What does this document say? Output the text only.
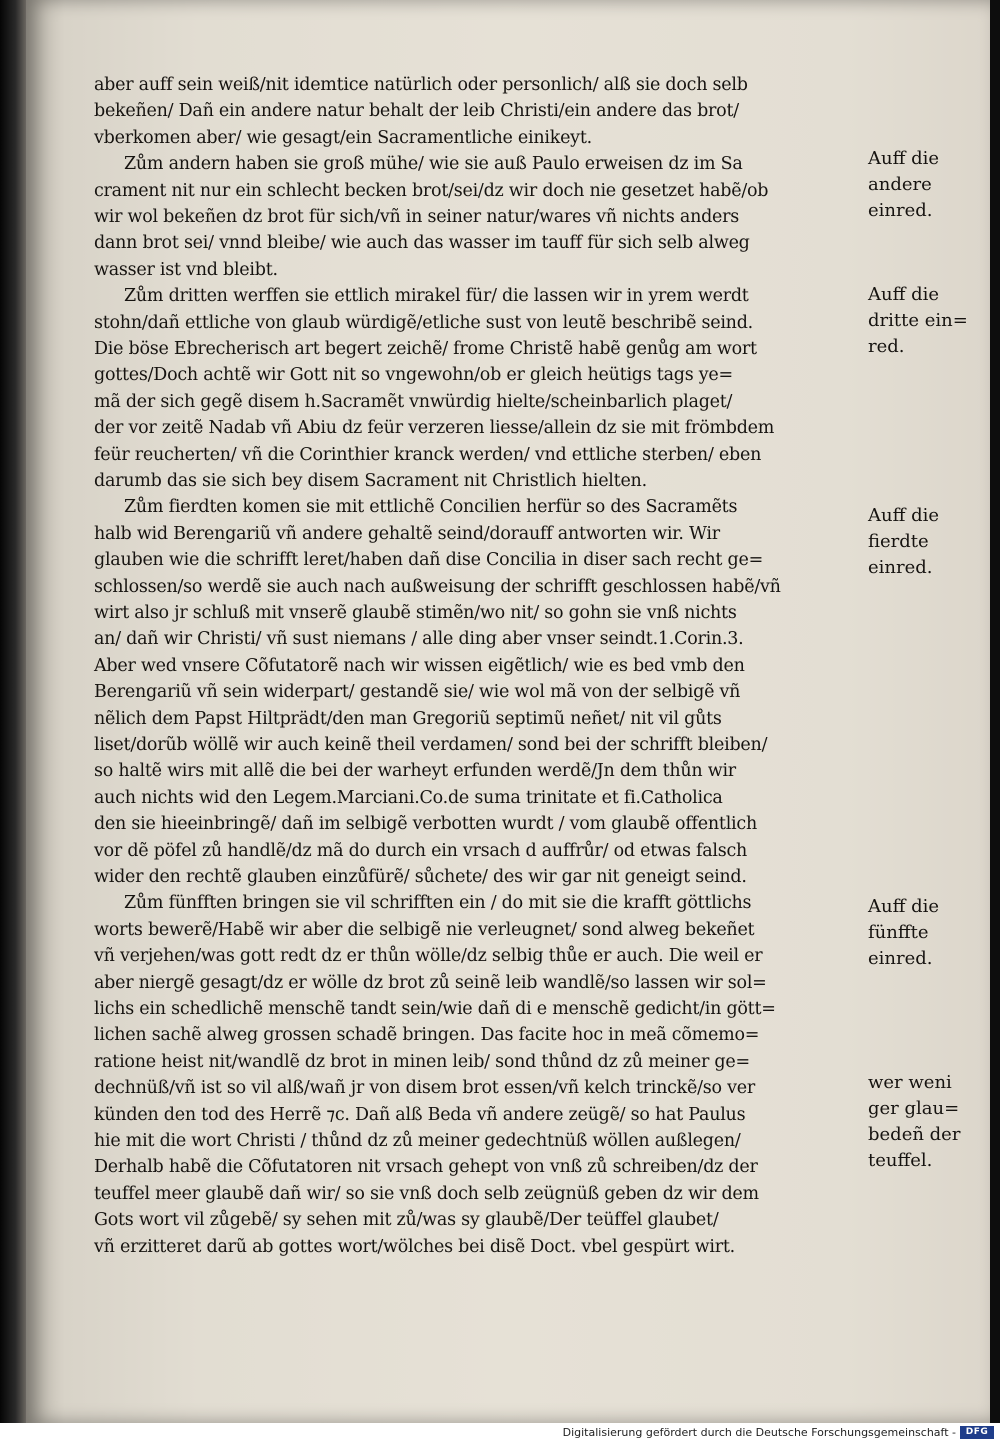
aber auff sein weiß/nit idemtice natürlich oder personlich/ alß sie doch selb
bekeñen/ Dañ ein andere natur behalt der leib Christi/ein andere das brot/
vberkomen aber/ wie gesagt/ein Sacramentliche einikeyt.
Zům andern haben sie groß mühe/ wie sie auß Paulo erweisen dz im Sa
crament nit nur ein schlecht becken brot/sei/dz wir doch nie gesetzet habẽ/ob
wir wol bekeñen dz brot für sich/vñ in seiner natur/wares vñ nichts anders
dann brot sei/ vnnd bleibe/ wie auch das wasser im tauff für sich selb alweg
wasser ist vnd bleibt.
Zům dritten werffen sie ettlich mirakel für/ die lassen wir in yrem werdt
stohn/dañ ettliche von glaub würdigẽ/etliche sust von leutẽ beschribẽ seind.
Die böse Ebrecherisch art begert zeichẽ/ frome Christẽ habẽ genůg am wort
gottes/Doch achtẽ wir Gott nit so vngewohn/ob er gleich heütigs tags ye=
mã der sich gegẽ disem h.Sacramẽt vnwürdig hielte/scheinbarlich plaget/
der vor zeitẽ Nadab vñ Abiu dz feür verzeren liesse/allein dz sie mit frömbdem
feür reucherten/ vñ die Corinthier kranck werden/ vnd ettliche sterben/ eben
darumb das sie sich bey disem Sacrament nit Christlich hielten.
Zům fierdten komen sie mit ettlichẽ Concilien herfür so des Sacramẽts
halb wid Berengariũ vñ andere gehaltẽ seind/dorauff antworten wir. Wir
glauben wie die schrifft leret/haben dañ dise Concilia in diser sach recht ge=
schlossen/so werdẽ sie auch nach außweisung der schrifft geschlossen habẽ/vñ
wirt also jr schluß mit vnserẽ glaubẽ stimẽn/wo nit/ so gohn sie vnß nichts
an/ dañ wir Christi/ vñ sust niemans / alle ding aber vnser seindt.1.Corin.3.
Aber wed vnsere Cõfutatorẽ nach wir wissen eigẽtlich/ wie es bed vmb den
Berengariũ vñ sein widerpart/ gestandẽ sie/ wie wol mã von der selbigẽ vñ
nẽlich dem Papst Hiltprädt/den man Gregoriũ septimũ neñet/ nit vil gůts
liset/dorũb wöllẽ wir auch keinẽ theil verdamen/ sond bei der schrifft bleiben/
so haltẽ wirs mit allẽ die bei der warheyt erfunden werdẽ/Jn dem thůn wir
auch nichts wid den Legem.Marciani.Co.de suma trinitate et fi.Catholica
den sie hieeinbringẽ/ dañ im selbigẽ verbotten wurdt / vom glaubẽ offentlich
vor dẽ pöfel zů handlẽ/dz mã do durch ein vrsach d auffrůr/ od etwas falsch
wider den rechtẽ glauben einzůfürẽ/ sůchete/ des wir gar nit geneigt seind.
Zům fünfften bringen sie vil schrifften ein / do mit sie die krafft göttlichs
worts bewerẽ/Habẽ wir aber die selbigẽ nie verleugnet/ sond alweg bekeñet
vñ verjehen/was gott redt dz er thůn wölle/dz selbig thůe er auch. Die weil er
aber niergẽ gesagt/dz er wölle dz brot zů seinẽ leib wandlẽ/so lassen wir sol=
lichs ein schedlichẽ menschẽ tandt sein/wie dañ di e menschẽ gedicht/in gött=
lichen sachẽ alweg grossen schadẽ bringen. Das facite hoc in meã cõmemo=
ratione heist nit/wandlẽ dz brot in minen leib/ sond thůnd dz zů meiner ge=
dechnüß/vñ ist so vil alß/wañ jr von disem brot essen/vñ kelch trinckẽ/so ver
künden den tod des Herrẽ ⁊c. Dañ alß Beda vñ andere zeügẽ/ so hat Paulus
hie mit die wort Christi / thůnd dz zů meiner gedechtnüß wöllen außlegen/
Derhalb habẽ die Cõfutatoren nit vrsach gehept von vnß zů schreiben/dz der
teuffel meer glaubẽ dañ wir/ so sie vnß doch selb zeügnüß geben dz wir dem
Gots wort vil zůgebẽ/ sy sehen mit zů/was sy glaubẽ/Der teüffel glaubet/
vñ erzitteret darũ ab gottes wort/wölches bei disẽ Doct. vbel gespürt wirt.
Auff die
andere
einred.
Auff die
dritte ein=
red.
Auff die
fierdte
einred.
Auff die
fünffte
einred.
wer weni
ger glau=
bedeñ der
teuffel.
Digitalisierung gefördert durch die Deutsche Forschungsgemeinschaft -	DFG
